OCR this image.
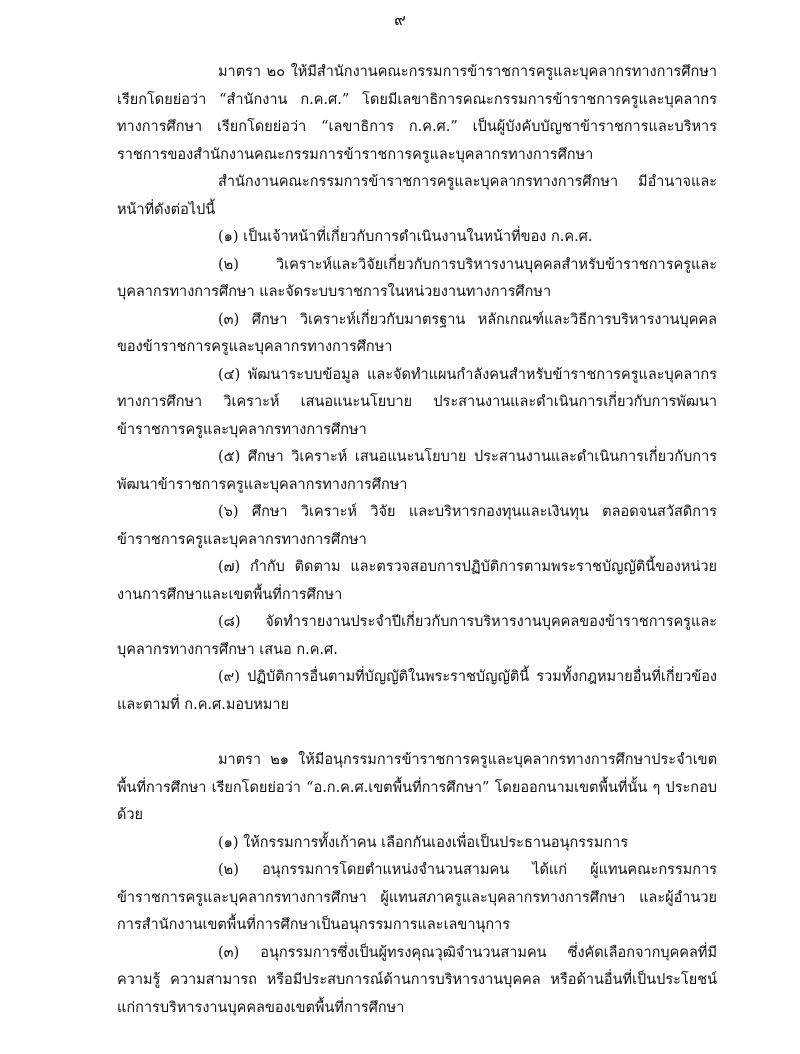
๙

มาตรา ๒๐ ให้มีสำนักงานคณะกรรมการข้าราชการครูและบุคลากรทางการศึกษา เรียกโดยย่อว่า “สำนักงาน ก.ค.ศ.” โดยมีเลขาธิการคณะกรรมการข้าราชการครูและบุคลากรทางการศึกษา เรียกโดยย่อว่า “เลขาธิการ ก.ค.ศ.” เป็นผู้บังคับบัญชาข้าราชการและบริหารราชการของสำนักงานคณะกรรมการข้าราชการครูและบุคลากรทางการศึกษา

สำนักงานคณะกรรมการข้าราชการครูและบุคลากรทางการศึกษา มีอำนาจและหน้าที่ดังต่อไปนี้

(๑) เป็นเจ้าหน้าที่เกี่ยวกับการดำเนินงานในหน้าที่ของ ก.ค.ศ.

(๒) วิเคราะห์และวิจัยเกี่ยวกับการบริหารงานบุคคลสำหรับข้าราชการครูและบุคลากรทางการศึกษา และจัดระบบราชการในหน่วยงานทางการศึกษา

(๓) ศึกษา วิเคราะห์เกี่ยวกับมาตรฐาน หลักเกณฑ์และวิธีการบริหารงานบุคคลของข้าราชการครูและบุคลากรทางการศึกษา

(๔) พัฒนาระบบข้อมูล และจัดทำแผนกำลังคนสำหรับข้าราชการครูและบุคลากรทางการศึกษา วิเคราะห์ เสนอแนะนโยบาย ประสานงานและดำเนินการเกี่ยวกับการพัฒนาข้าราชการครูและบุคลากรทางการศึกษา

(๕) ศึกษา วิเคราะห์ เสนอแนะนโยบาย ประสานงานและดำเนินการเกี่ยวกับการพัฒนาข้าราชการครูและบุคลากรทางการศึกษา

(๖) ศึกษา วิเคราะห์ วิจัย และบริหารกองทุนและเงินทุน ตลอดจนสวัสดิการข้าราชการครูและบุคลากรทางการศึกษา

(๗) กำกับ ติดตาม และตรวจสอบการปฏิบัติการตามพระราชบัญญัตินี้ของหน่วยงานการศึกษาและเขตพื้นที่การศึกษา

(๘) จัดทำรายงานประจำปีเกี่ยวกับการบริหารงานบุคคลของข้าราชการครูและบุคลากรทางการศึกษา เสนอ ก.ค.ศ.

(๙) ปฏิบัติการอื่นตามที่บัญญัติในพระราชบัญญัตินี้ รวมทั้งกฎหมายอื่นที่เกี่ยวข้องและตามที่ ก.ค.ศ.มอบหมาย

มาตรา ๒๑ ให้มีอนุกรรมการข้าราชการครูและบุคลากรทางการศึกษาประจำเขตพื้นที่การศึกษา เรียกโดยย่อว่า “อ.ก.ค.ศ.เขตพื้นที่การศึกษา” โดยออกนามเขตพื้นที่นั้น ๆ ประกอบด้วย

(๑) ให้กรรมการทั้งเก้าคน เลือกกันเองเพื่อเป็นประธานอนุกรรมการ

(๒) อนุกรรมการโดยตำแหน่งจำนวนสามคน ได้แก่ ผู้แทนคณะกรรมการข้าราชการครูและบุคลากรทางการศึกษา ผู้แทนสภาครูและบุคลากรทางการศึกษา และผู้อำนวยการสำนักงานเขตพื้นที่การศึกษาเป็นอนุกรรมการและเลขานุการ

(๓) อนุกรรมการซึ่งเป็นผู้ทรงคุณวุฒิจำนวนสามคน ซึ่งคัดเลือกจากบุคคลที่มีความรู้ ความสามารถ หรือมีประสบการณ์ด้านการบริหารงานบุคคล หรือด้านอื่นที่เป็นประโยชน์แก่การบริหารงานบุคคลของเขตพื้นที่การศึกษา
